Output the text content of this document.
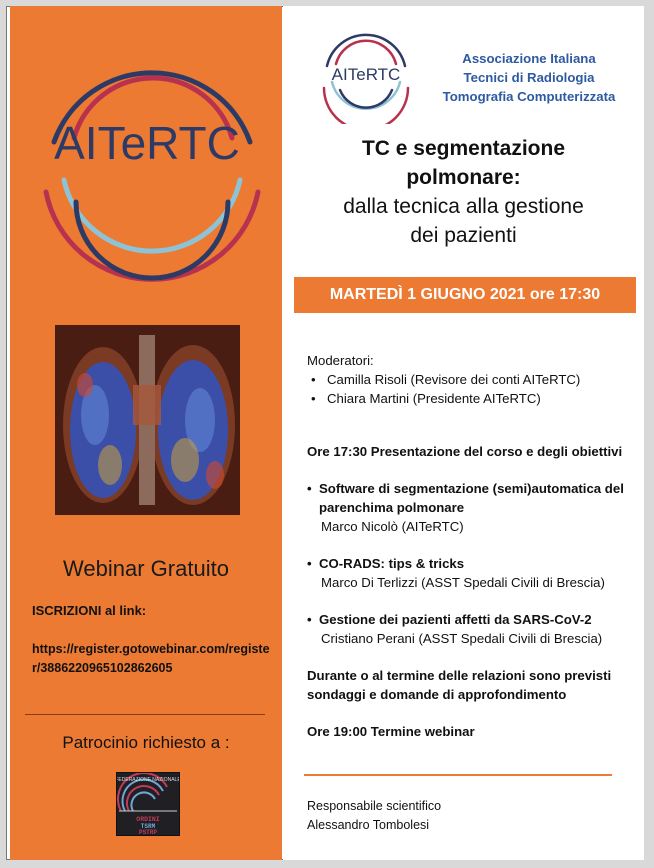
AITeRTC
Webinar Gratuito
ISCRIZIONI al link:
https://register.gotowebinar.com/register/3886220965102862605
Patrocinio richiesto a :
FEDERAZIONE NAZIONALE
ORDINI
TSRM
PSTRP
AITeRTC
Associazione Italiana
Tecnici di Radiologia
Tomografia Computerizzata
TC e segmentazione
polmonare:
dalla tecnica alla gestione
dei pazienti
MARTEDÌ 1 GIUGNO 2021 ore 17:30
Moderatori:
• Camilla Risoli (Revisore dei conti AITeRTC)
• Chiara Martini (Presidente AITeRTC)
Ore 17:30 Presentazione del corso e degli obiettivi
• Software di segmentazione (semi)automatica del parenchima polmonare
Marco Nicolò (AITeRTC)
• CO-RADS: tips & tricks
Marco Di Terlizzi (ASST Spedali Civili di Brescia)
• Gestione dei pazienti affetti da SARS-CoV-2
Cristiano Perani (ASST Spedali Civili di Brescia)
Durante o al termine delle relazioni sono previsti sondaggi e domande di approfondimento
Ore 19:00 Termine webinar
Responsabile scientifico
Alessandro Tombolesi
